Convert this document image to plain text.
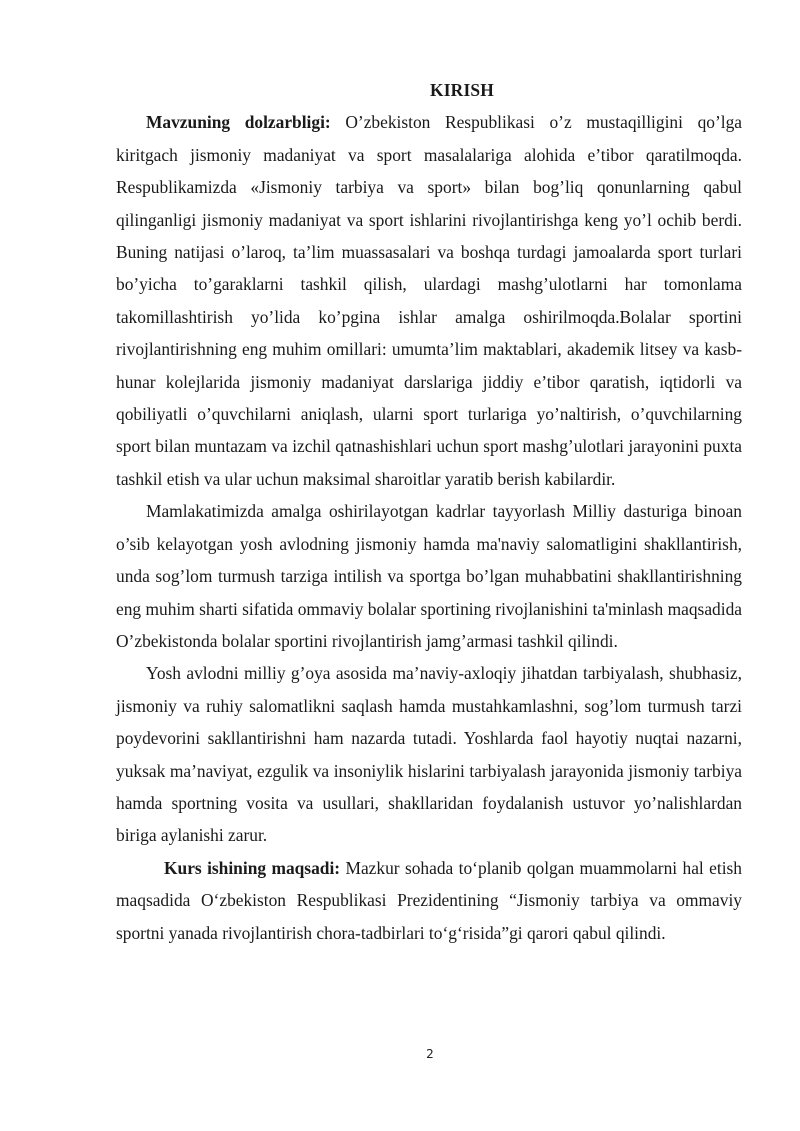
KIRISH

Mavzuning dolzarbligi: O’zbekiston Respublikasi o’z mustaqilligini qo’lga kiritgach jismoniy madaniyat va sport masalalariga alohida e’tibor qaratilmoqda. Respublikamizda «Jismoniy tarbiya va sport» bilan bog’liq qonunlarning qabul qilinganligi jismoniy madaniyat va sport ishlarini rivojlantirishga keng yo’l ochib berdi. Buning natijasi o’laroq, ta’lim muassasalari va boshqa turdagi jamoalarda sport turlari bo’yicha to’garaklarni tashkil qilish, ulardagi mashg’ulotlarni har tomonlama takomillashtirish yo’lida ko’pgina ishlar amalga oshirilmoqda.Bolalar sportini rivojlantirishning eng muhim omillari: umumta’lim maktablari, akademik litsey va kasb-hunar kolejlarida jismoniy madaniyat darslariga jiddiy e’tibor qaratish, iqtidorli va qobiliyatli o’quvchilarni aniqlash, ularni sport turlariga yo’naltirish, o’quvchilarning sport bilan muntazam va izchil qatnashishlari uchun sport mashg’ulotlari jarayonini puxta tashkil etish va ular uchun maksimal sharoitlar yaratib berish kabilardir.

Mamlakatimizda amalga oshirilayotgan kadrlar tayyorlash Milliy dasturiga binoan o’sib kelayotgan yosh avlodning jismoniy hamda ma'naviy salomatligini shakllantirish, unda sog’lom turmush tarziga intilish va sportga bo’lgan muhabbatini shakllantirishning eng muhim sharti sifatida ommaviy bolalar sportining rivojlanishini ta'minlash maqsadida O’zbekistonda bolalar sportini rivojlantirish jamg’armasi tashkil qilindi.

Yosh avlodni milliy g’oya asosida ma’naviy-axloqiy jihatdan tarbiyalash, shubhasiz, jismoniy va ruhiy salomatlikni saqlash hamda mustahkamlashni, sog’lom turmush tarzi poydevorini sakllantirishni ham nazarda tutadi. Yoshlarda faol hayotiy nuqtai nazarni, yuksak ma’naviyat, ezgulik va insoniylik hislarini tarbiyalash jarayonida jismoniy tarbiya hamda sportning vosita va usullari, shakllaridan foydalanish ustuvor yo’nalishlardan biriga aylanishi zarur.

Kurs ishining maqsadi: Mazkur sohada to‘planib qolgan muammolarni hal etish maqsadida O‘zbekiston Respublikasi Prezidentining “Jismoniy tarbiya va ommaviy sportni yanada rivojlantirish chora-tadbirlari to‘g‘risida”gi qarori qabul qilindi.

2
